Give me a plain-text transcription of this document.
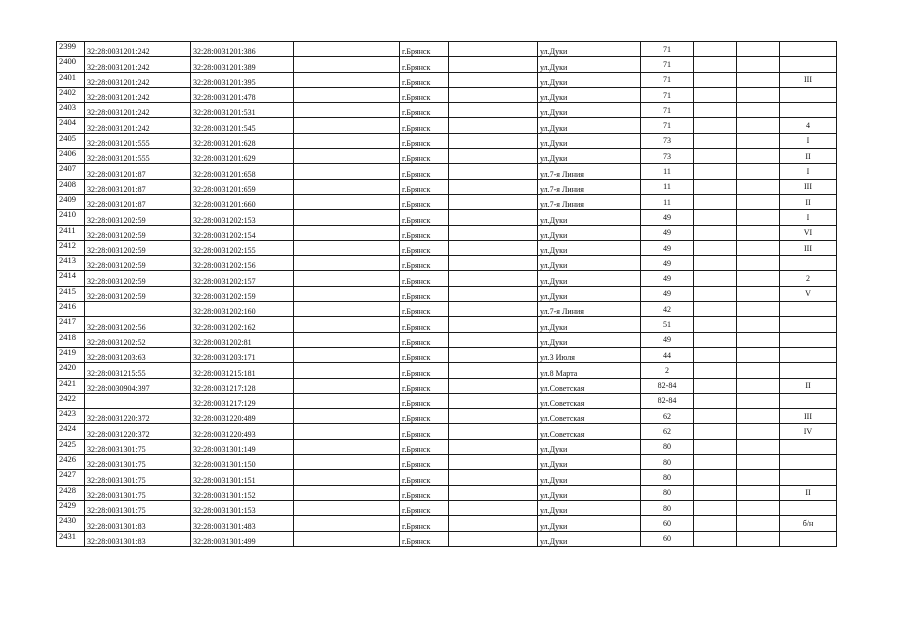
2399	32:28:0031201:242	32:28:0031201:386		г.Брянск		ул.Дуки	71			
2400	32:28:0031201:242	32:28:0031201:389		г.Брянск		ул.Дуки	71			
2401	32:28:0031201:242	32:28:0031201:395		г.Брянск		ул.Дуки	71			III
2402	32:28:0031201:242	32:28:0031201:478		г.Брянск		ул.Дуки	71			
2403	32:28:0031201:242	32:28:0031201:531		г.Брянск		ул.Дуки	71			
2404	32:28:0031201:242	32:28:0031201:545		г.Брянск		ул.Дуки	71			4
2405	32:28:0031201:555	32:28:0031201:628		г.Брянск		ул.Дуки	73			I
2406	32:28:0031201:555	32:28:0031201:629		г.Брянск		ул.Дуки	73			II
2407	32:28:0031201:87	32:28:0031201:658		г.Брянск		ул.7-я Линия	11			I
2408	32:28:0031201:87	32:28:0031201:659		г.Брянск		ул.7-я Линия	11			III
2409	32:28:0031201:87	32:28:0031201:660		г.Брянск		ул.7-я Линия	11			II
2410	32:28:0031202:59	32:28:0031202:153		г.Брянск		ул.Дуки	49			I
2411	32:28:0031202:59	32:28:0031202:154		г.Брянск		ул.Дуки	49			VI
2412	32:28:0031202:59	32:28:0031202:155		г.Брянск		ул.Дуки	49			III
2413	32:28:0031202:59	32:28:0031202:156		г.Брянск		ул.Дуки	49			
2414	32:28:0031202:59	32:28:0031202:157		г.Брянск		ул.Дуки	49			2
2415	32:28:0031202:59	32:28:0031202:159		г.Брянск		ул.Дуки	49			V
2416		32:28:0031202:160		г.Брянск		ул.7-я Линия	42			
2417	32:28:0031202:56	32:28:0031202:162		г.Брянск		ул.Дуки	51			
2418	32:28:0031202:52	32:28:0031202:81		г.Брянск		ул.Дуки	49			
2419	32:28:0031203:63	32:28:0031203:171		г.Брянск		ул.3 Июля	44			
2420	32:28:0031215:55	32:28:0031215:181		г.Брянск		ул.8 Марта	2			
2421	32:28:0030904:397	32:28:0031217:128		г.Брянск		ул.Советская	82-84			II
2422		32:28:0031217:129		г.Брянск		ул.Советская	82-84			
2423	32:28:0031220:372	32:28:0031220:489		г.Брянск		ул.Советская	62			III
2424	32:28:0031220:372	32:28:0031220:493		г.Брянск		ул.Советская	62			IV
2425	32:28:0031301:75	32:28:0031301:149		г.Брянск		ул.Дуки	80			
2426	32:28:0031301:75	32:28:0031301:150		г.Брянск		ул.Дуки	80			
2427	32:28:0031301:75	32:28:0031301:151		г.Брянск		ул.Дуки	80			
2428	32:28:0031301:75	32:28:0031301:152		г.Брянск		ул.Дуки	80			II
2429	32:28:0031301:75	32:28:0031301:153		г.Брянск		ул.Дуки	80			
2430	32:28:0031301:83	32:28:0031301:483		г.Брянск		ул.Дуки	60			б/н
2431	32:28:0031301:83	32:28:0031301:499		г.Брянск		ул.Дуки	60			
